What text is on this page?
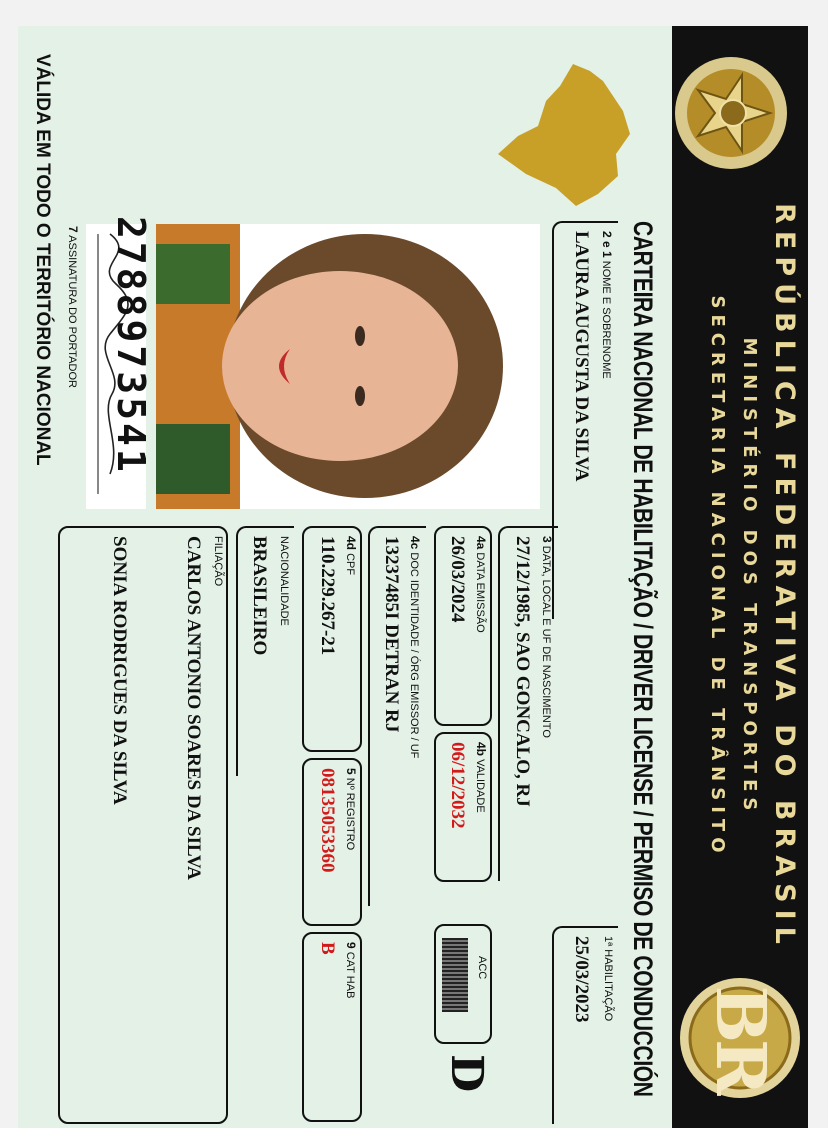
REPÚBLICA FEDERATIVA DO BRASIL
MINISTÉRIO DOS TRANSPORTES
SECRETARIA NACIONAL DE TRÂNSITO
BR
CARTEIRA NACIONAL DE HABILITAÇÃO / DRIVER LICENSE / PERMISO DE CONDUCCIÓN
2 e 1 NOME E SOBRENOME
LAURA AUGUSTA DA SILVA
3 DATA, LOCAL E UF DE NASCIMENTO
27/12/1985, SAO GONCALO, RJ
1ª HABILITAÇÃO
25/03/2023
4a DATA EMISSÃO
26/03/2024
4b VALIDADE
06/12/2032
ACC
D
4c DOC IDENTIDADE / ÓRG EMISSOR / UF
13237485I DETRAN RJ
4d CPF
110.229.267-21
5 Nº REGISTRO
08135053360
9 CAT HAB
B
NACIONALIDADE
BRASILEIRO
FILIAÇÃO
CARLOS ANTONIO SOARES DA SILVA
SONIA RODRIGUES DA SILVA
7 ASSINATURA DO PORTADOR 2788973541
VÁLIDA EM TODO O TERRITÓRIO NACIONAL
